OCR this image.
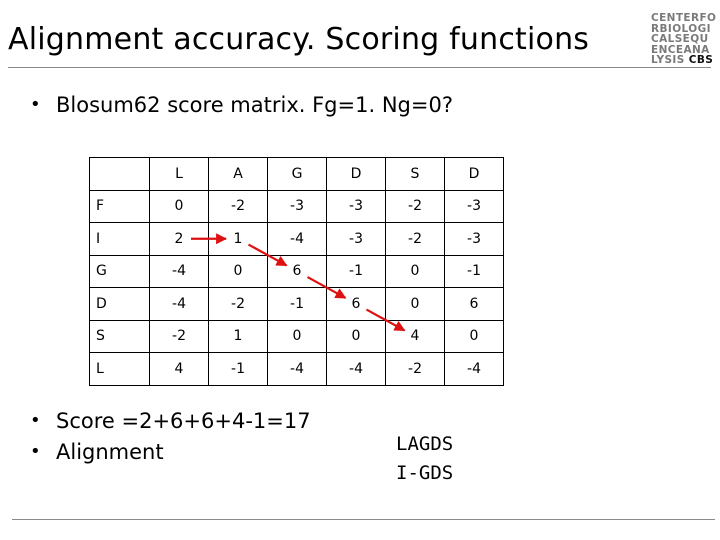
Alignment accuracy. Scoring functions
CENTERFO
RBIOLOGI
CALSEQU
ENCEANA
LYSIS CBS
• Blosum62 score matrix. Fg=1. Ng=0?
	L	A	G	D	S	D
F	0	-2	-3	-3	-2	-3
I	2	1	-4	-3	-2	-3
G	-4	0	6	-1	0	-1
D	-4	-2	-1	6	0	6
S	-2	1	0	0	4	0
L	4	-1	-4	-4	-2	-4
• Score =2+6+6+4-1=17
• Alignment	LAGDS
I-GDS
